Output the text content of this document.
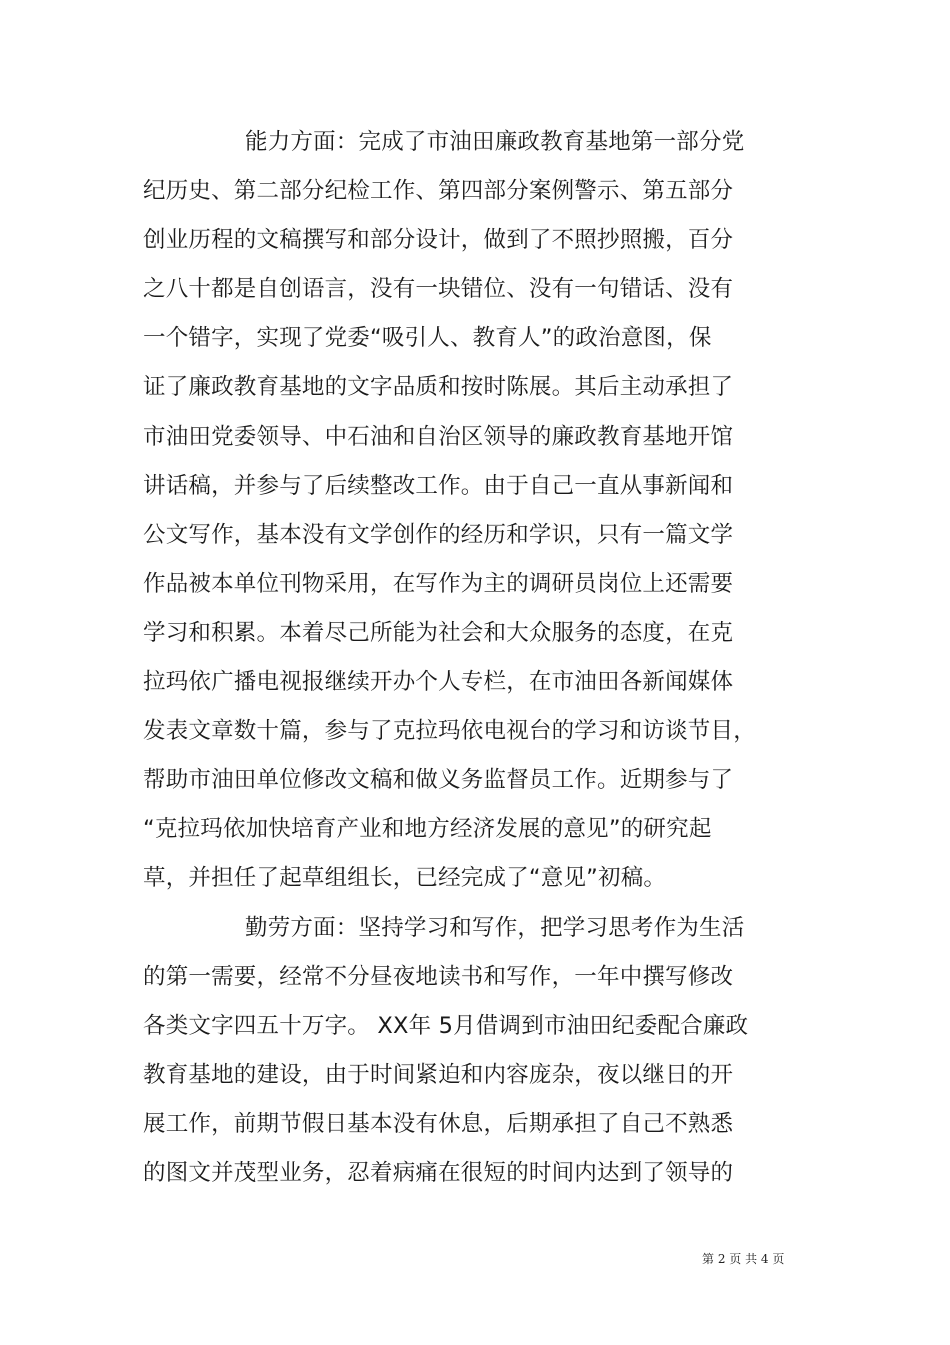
能力方面：完成了市油田廉政教育基地第一部分党
纪历史、第二部分纪检工作、第四部分案例警示、第五部分
创业历程的文稿撰写和部分设计，做到了不照抄照搬，百分
之八十都是自创语言，没有一块错位、没有一句错话、没有
一个错字，实现了党委“吸引人、教育人”的政治意图，保
证了廉政教育基地的文字品质和按时陈展。其后主动承担了
市油田党委领导、中石油和自治区领导的廉政教育基地开馆
讲话稿，并参与了后续整改工作。由于自己一直从事新闻和
公文写作，基本没有文学创作的经历和学识，只有一篇文学
作品被本单位刊物采用，在写作为主的调研员岗位上还需要
学习和积累。本着尽己所能为社会和大众服务的态度，在克
拉玛依广播电视报继续开办个人专栏，在市油田各新闻媒体
发表文章数十篇，参与了克拉玛依电视台的学习和访谈节目，
帮助市油田单位修改文稿和做义务监督员工作。近期参与了
“克拉玛依加快培育产业和地方经济发展的意见”的研究起
草，并担任了起草组组长，已经完成了“意见”初稿。
勤劳方面：坚持学习和写作，把学习思考作为生活
的第一需要，经常不分昼夜地读书和写作，一年中撰写修改
各类文字四五十万字。 XX年 5月借调到市油田纪委配合廉政
教育基地的建设，由于时间紧迫和内容庞杂，夜以继日的开
展工作，前期节假日基本没有休息，后期承担了自己不熟悉
的图文并茂型业务，忍着病痛在很短的时间内达到了领导的
第 2 页 共 4 页
